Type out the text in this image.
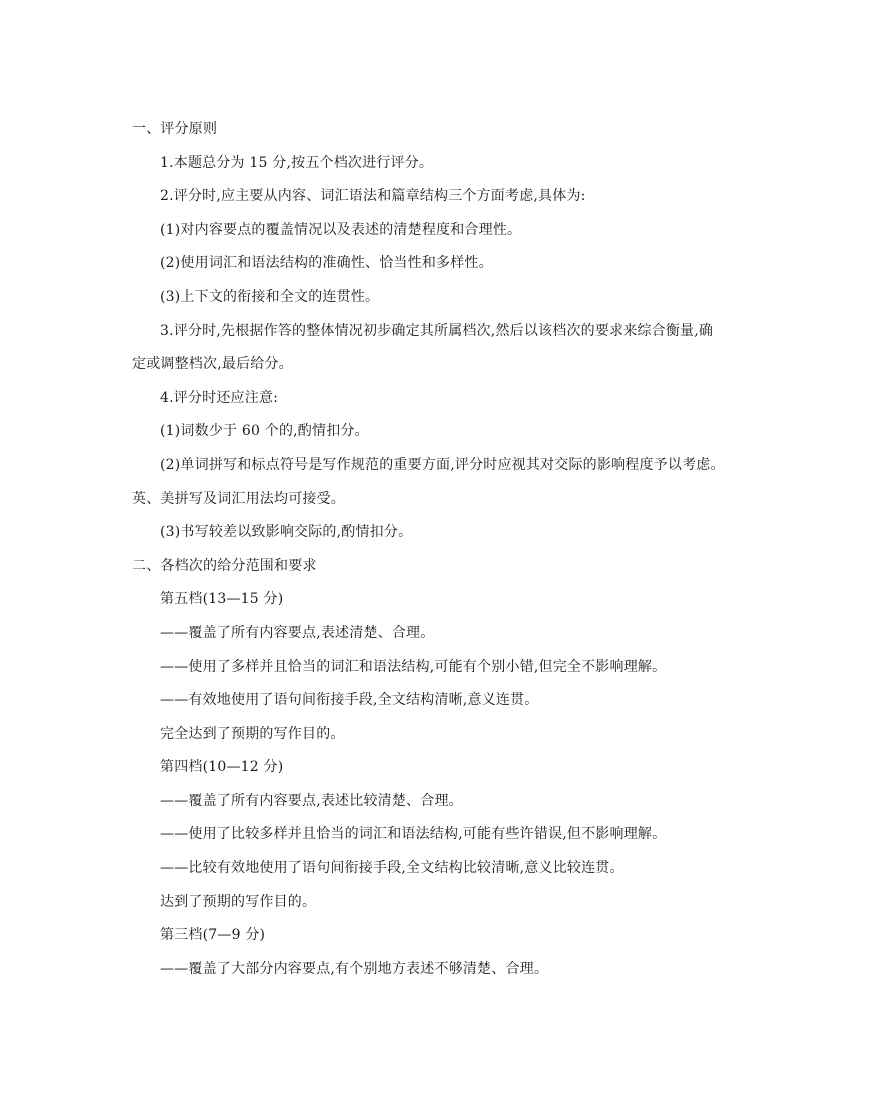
一、评分原则
1.本题总分为 15 分,按五个档次进行评分。
2.评分时,应主要从内容、词汇语法和篇章结构三个方面考虑,具体为:
(1)对内容要点的覆盖情况以及表述的清楚程度和合理性。
(2)使用词汇和语法结构的准确性、恰当性和多样性。
(3)上下文的衔接和全文的连贯性。
3.评分时,先根据作答的整体情况初步确定其所属档次,然后以该档次的要求来综合衡量,确
定或调整档次,最后给分。
4.评分时还应注意:
(1)词数少于 60 个的,酌情扣分。
(2)单词拼写和标点符号是写作规范的重要方面,评分时应视其对交际的影响程度予以考虑。
英、美拼写及词汇用法均可接受。
(3)书写较差以致影响交际的,酌情扣分。
二、各档次的给分范围和要求
第五档(13—15 分)
——覆盖了所有内容要点,表述清楚、合理。
——使用了多样并且恰当的词汇和语法结构,可能有个别小错,但完全不影响理解。
——有效地使用了语句间衔接手段,全文结构清晰,意义连贯。
完全达到了预期的写作目的。
第四档(10—12 分)
——覆盖了所有内容要点,表述比较清楚、合理。
——使用了比较多样并且恰当的词汇和语法结构,可能有些许错误,但不影响理解。
——比较有效地使用了语句间衔接手段,全文结构比较清晰,意义比较连贯。
达到了预期的写作目的。
第三档(7—9 分)
——覆盖了大部分内容要点,有个别地方表述不够清楚、合理。
